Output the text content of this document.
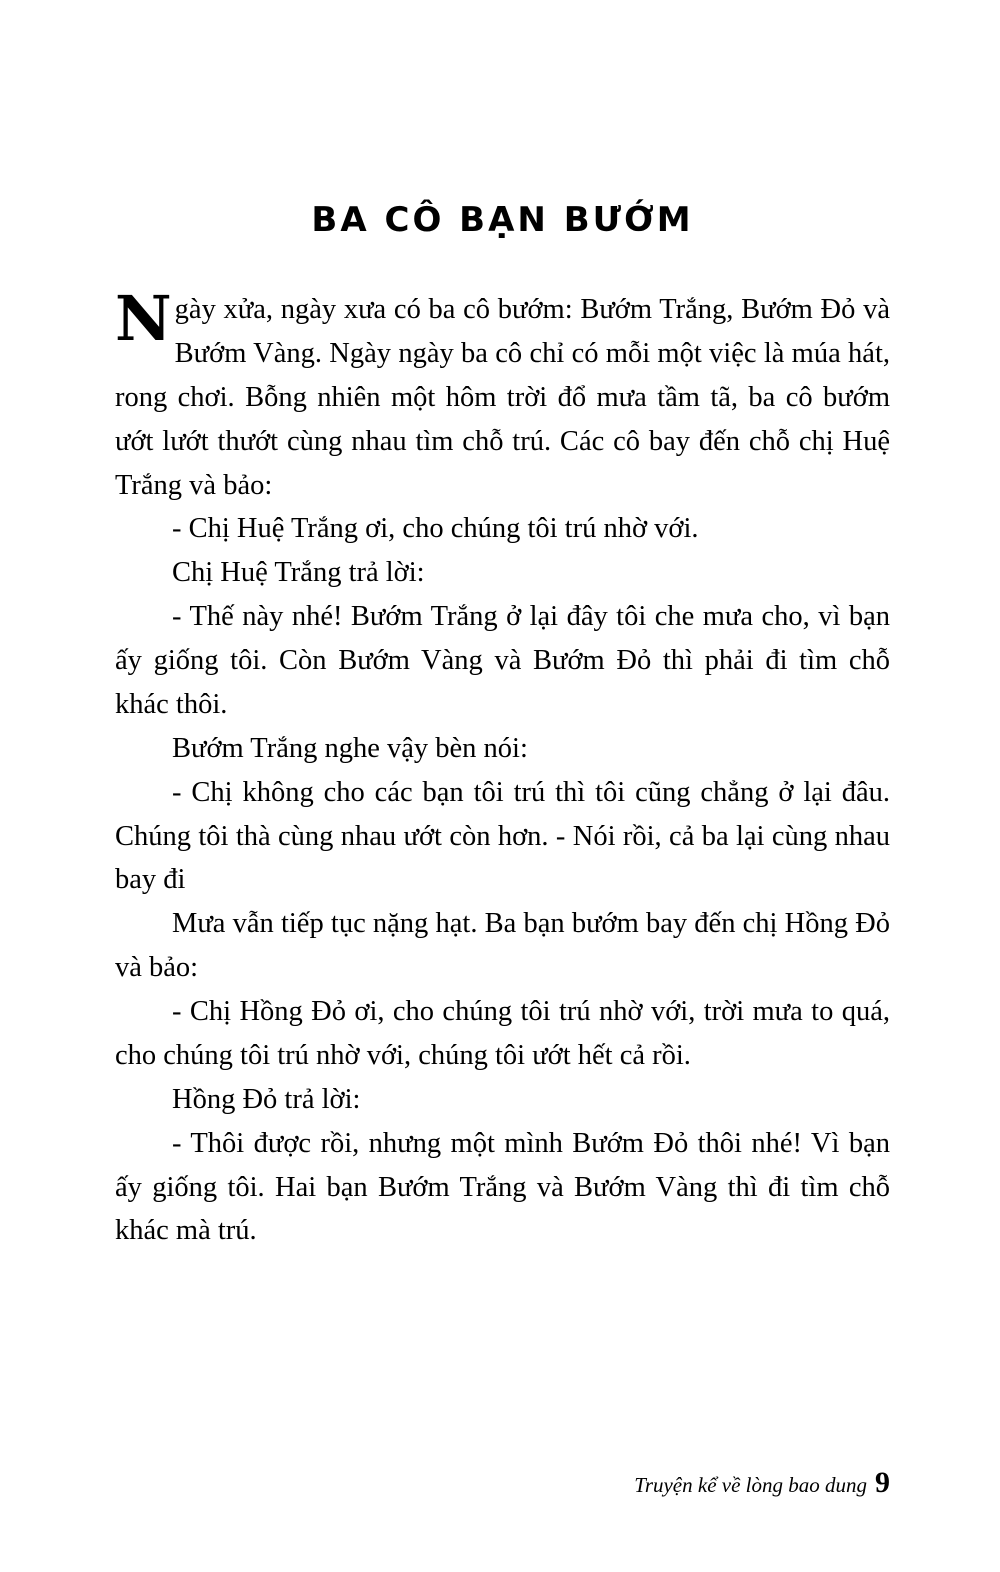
BA CÔ BẠN BƯỚM

Ngày xửa, ngày xưa có ba cô bướm: Bướm Trắng, Bướm Đỏ và Bướm Vàng. Ngày ngày ba cô chỉ có mỗi một việc là múa hát, rong chơi. Bỗng nhiên một hôm trời đổ mưa tầm tã, ba cô bướm ướt lướt thướt cùng nhau tìm chỗ trú. Các cô bay đến chỗ chị Huệ Trắng và bảo:

- Chị Huệ Trắng ơi, cho chúng tôi trú nhờ với.

Chị Huệ Trắng trả lời:

- Thế này nhé! Bướm Trắng ở lại đây tôi che mưa cho, vì bạn ấy giống tôi. Còn Bướm Vàng và Bướm Đỏ thì phải đi tìm chỗ khác thôi.

Bướm Trắng nghe vậy bèn nói:

- Chị không cho các bạn tôi trú thì tôi cũng chẳng ở lại đâu. Chúng tôi thà cùng nhau ướt còn hơn. - Nói rồi, cả ba lại cùng nhau bay đi

Mưa vẫn tiếp tục nặng hạt. Ba bạn bướm bay đến chị Hồng Đỏ và bảo:

- Chị Hồng Đỏ ơi, cho chúng tôi trú nhờ với, trời mưa to quá, cho chúng tôi trú nhờ với, chúng tôi ướt hết cả rồi.

Hồng Đỏ trả lời:

- Thôi được rồi, nhưng một mình Bướm Đỏ thôi nhé! Vì bạn ấy giống tôi. Hai bạn Bướm Trắng và Bướm Vàng thì đi tìm chỗ khác mà trú.

Truyện kể về lòng bao dung 9
